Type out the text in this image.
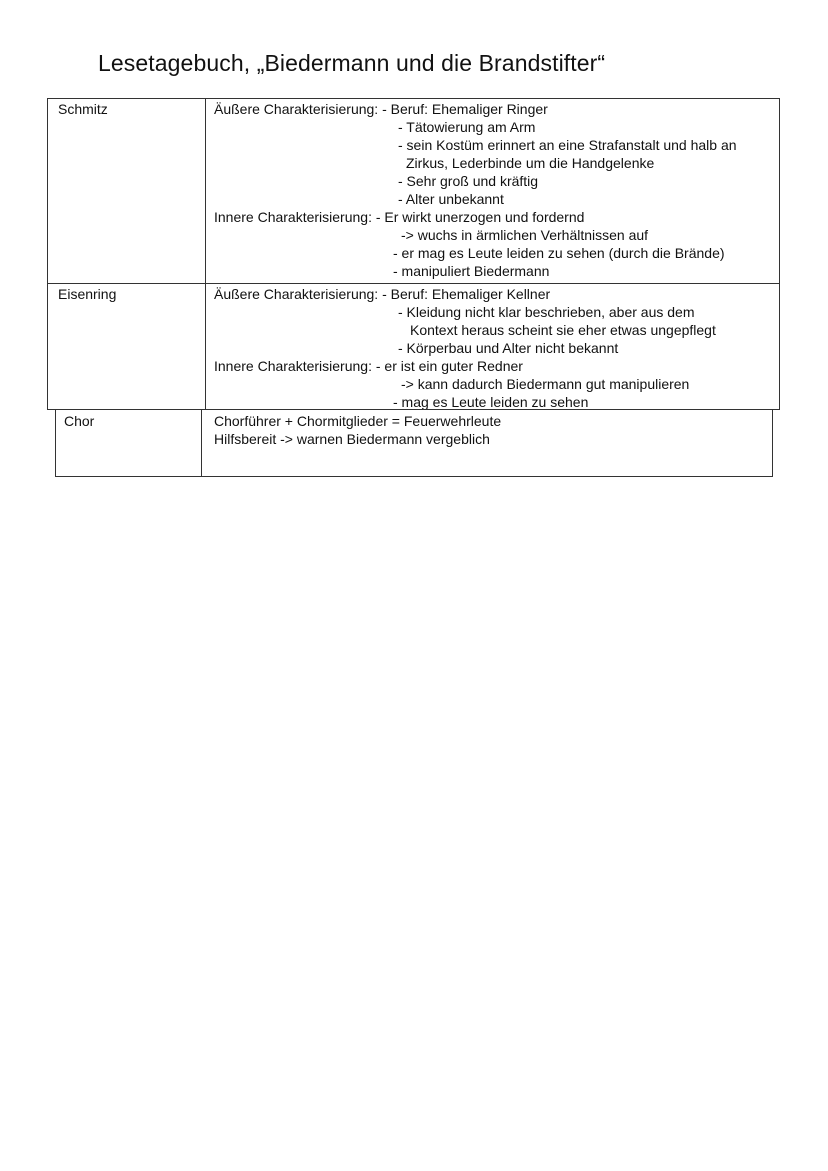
Lesetagebuch, „Biedermann und die Brandstifter“
Schmitz	Äußere Charakterisierung: - Beruf: Ehemaliger Ringer
- Tätowierung am Arm
- sein Kostüm erinnert an eine Strafanstalt und halb an
Zirkus, Lederbinde um die Handgelenke
- Sehr groß und kräftig
- Alter unbekannt
Innere Charakterisierung: - Er wirkt unerzogen und fordernd
-> wuchs in ärmlichen Verhältnissen auf
- er mag es Leute leiden zu sehen (durch die Brände)
- manipuliert Biedermann
Eisenring	Äußere Charakterisierung: - Beruf: Ehemaliger Kellner
- Kleidung nicht klar beschrieben, aber aus dem
Kontext heraus scheint sie eher etwas ungepflegt
- Körperbau und Alter nicht bekannt
Innere Charakterisierung: - er ist ein guter Redner
-> kann dadurch Biedermann gut manipulieren
- mag es Leute leiden zu sehen
Chor	Chorführer + Chormitglieder = Feuerwehrleute
Hilfsbereit -> warnen Biedermann vergeblich
